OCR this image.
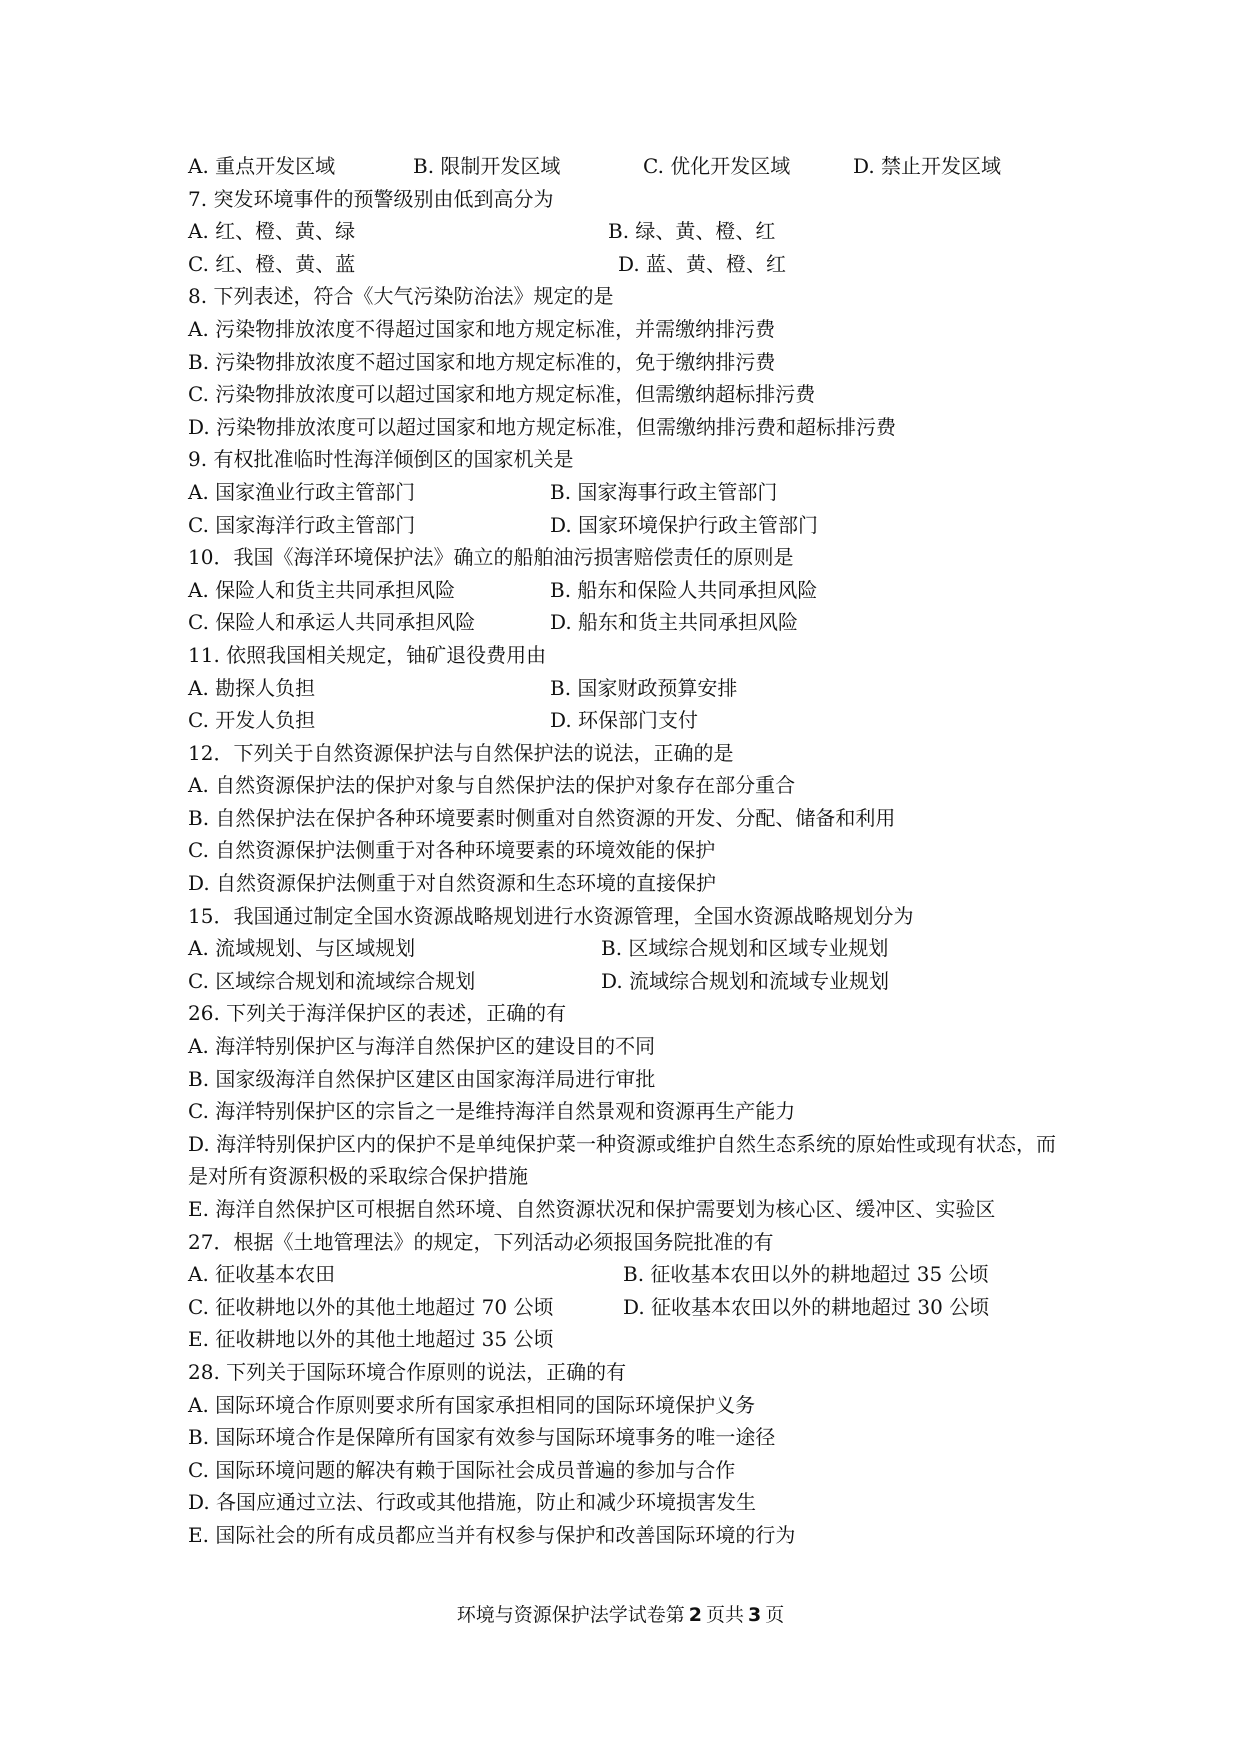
A. 重点开发区域	B. 限制开发区域	C. 优化开发区域	D. 禁止开发区域
7. 突发环境事件的预警级别由低到高分为
A. 红、橙、黄、绿	B. 绿、黄、橙、红
C. 红、橙、黄、蓝	D. 蓝、黄、橙、红
8. 下列表述，符合《大气污染防治法》规定的是
A. 污染物排放浓度不得超过国家和地方规定标准，并需缴纳排污费
B. 污染物排放浓度不超过国家和地方规定标准的，免于缴纳排污费
C. 污染物排放浓度可以超过国家和地方规定标准，但需缴纳超标排污费
D. 污染物排放浓度可以超过国家和地方规定标准，但需缴纳排污费和超标排污费
9. 有权批准临时性海洋倾倒区的国家机关是
A. 国家渔业行政主管部门	B. 国家海事行政主管部门
C. 国家海洋行政主管部门	D. 国家环境保护行政主管部门
10．我国《海洋环境保护法》确立的船舶油污损害赔偿责任的原则是
A. 保险人和货主共同承担风险	B. 船东和保险人共同承担风险
C. 保险人和承运人共同承担风险	D. 船东和货主共同承担风险
11. 依照我国相关规定，铀矿退役费用由
A. 勘探人负担	B. 国家财政预算安排
C. 开发人负担	D. 环保部门支付
12．下列关于自然资源保护法与自然保护法的说法，正确的是
A. 自然资源保护法的保护对象与自然保护法的保护对象存在部分重合
B. 自然保护法在保护各种环境要素时侧重对自然资源的开发、分配、储备和利用
C. 自然资源保护法侧重于对各种环境要素的环境效能的保护
D. 自然资源保护法侧重于对自然资源和生态环境的直接保护
15．我国通过制定全国水资源战略规划进行水资源管理，全国水资源战略规划分为
A. 流域规划、与区域规划	B. 区域综合规划和区域专业规划
C. 区域综合规划和流域综合规划	D. 流域综合规划和流域专业规划
26. 下列关于海洋保护区的表述，正确的有
A. 海洋特别保护区与海洋自然保护区的建设目的不同
B. 国家级海洋自然保护区建区由国家海洋局进行审批
C. 海洋特别保护区的宗旨之一是维持海洋自然景观和资源再生产能力
D. 海洋特别保护区内的保护不是单纯保护菜一种资源或维护自然生态系统的原始性或现有状态，而是对所有资源积极的采取综合保护措施
E. 海洋自然保护区可根据自然环境、自然资源状况和保护需要划为核心区、缓冲区、实验区
27．根据《土地管理法》的规定，下列活动必须报国务院批准的有
A. 征收基本农田	B. 征收基本农田以外的耕地超过 35 公顷
C. 征收耕地以外的其他土地超过 70 公顷	D. 征收基本农田以外的耕地超过 30 公顷
E. 征收耕地以外的其他土地超过 35 公顷
28. 下列关于国际环境合作原则的说法，正确的有
A. 国际环境合作原则要求所有国家承担相同的国际环境保护义务
B. 国际环境合作是保障所有国家有效参与国际环境事务的唯一途径
C. 国际环境问题的解决有赖于国际社会成员普遍的参加与合作
D. 各国应通过立法、行政或其他措施，防止和减少环境损害发生
E. 国际社会的所有成员都应当并有权参与保护和改善国际环境的行为
环境与资源保护法学试卷第 2 页共 3 页
